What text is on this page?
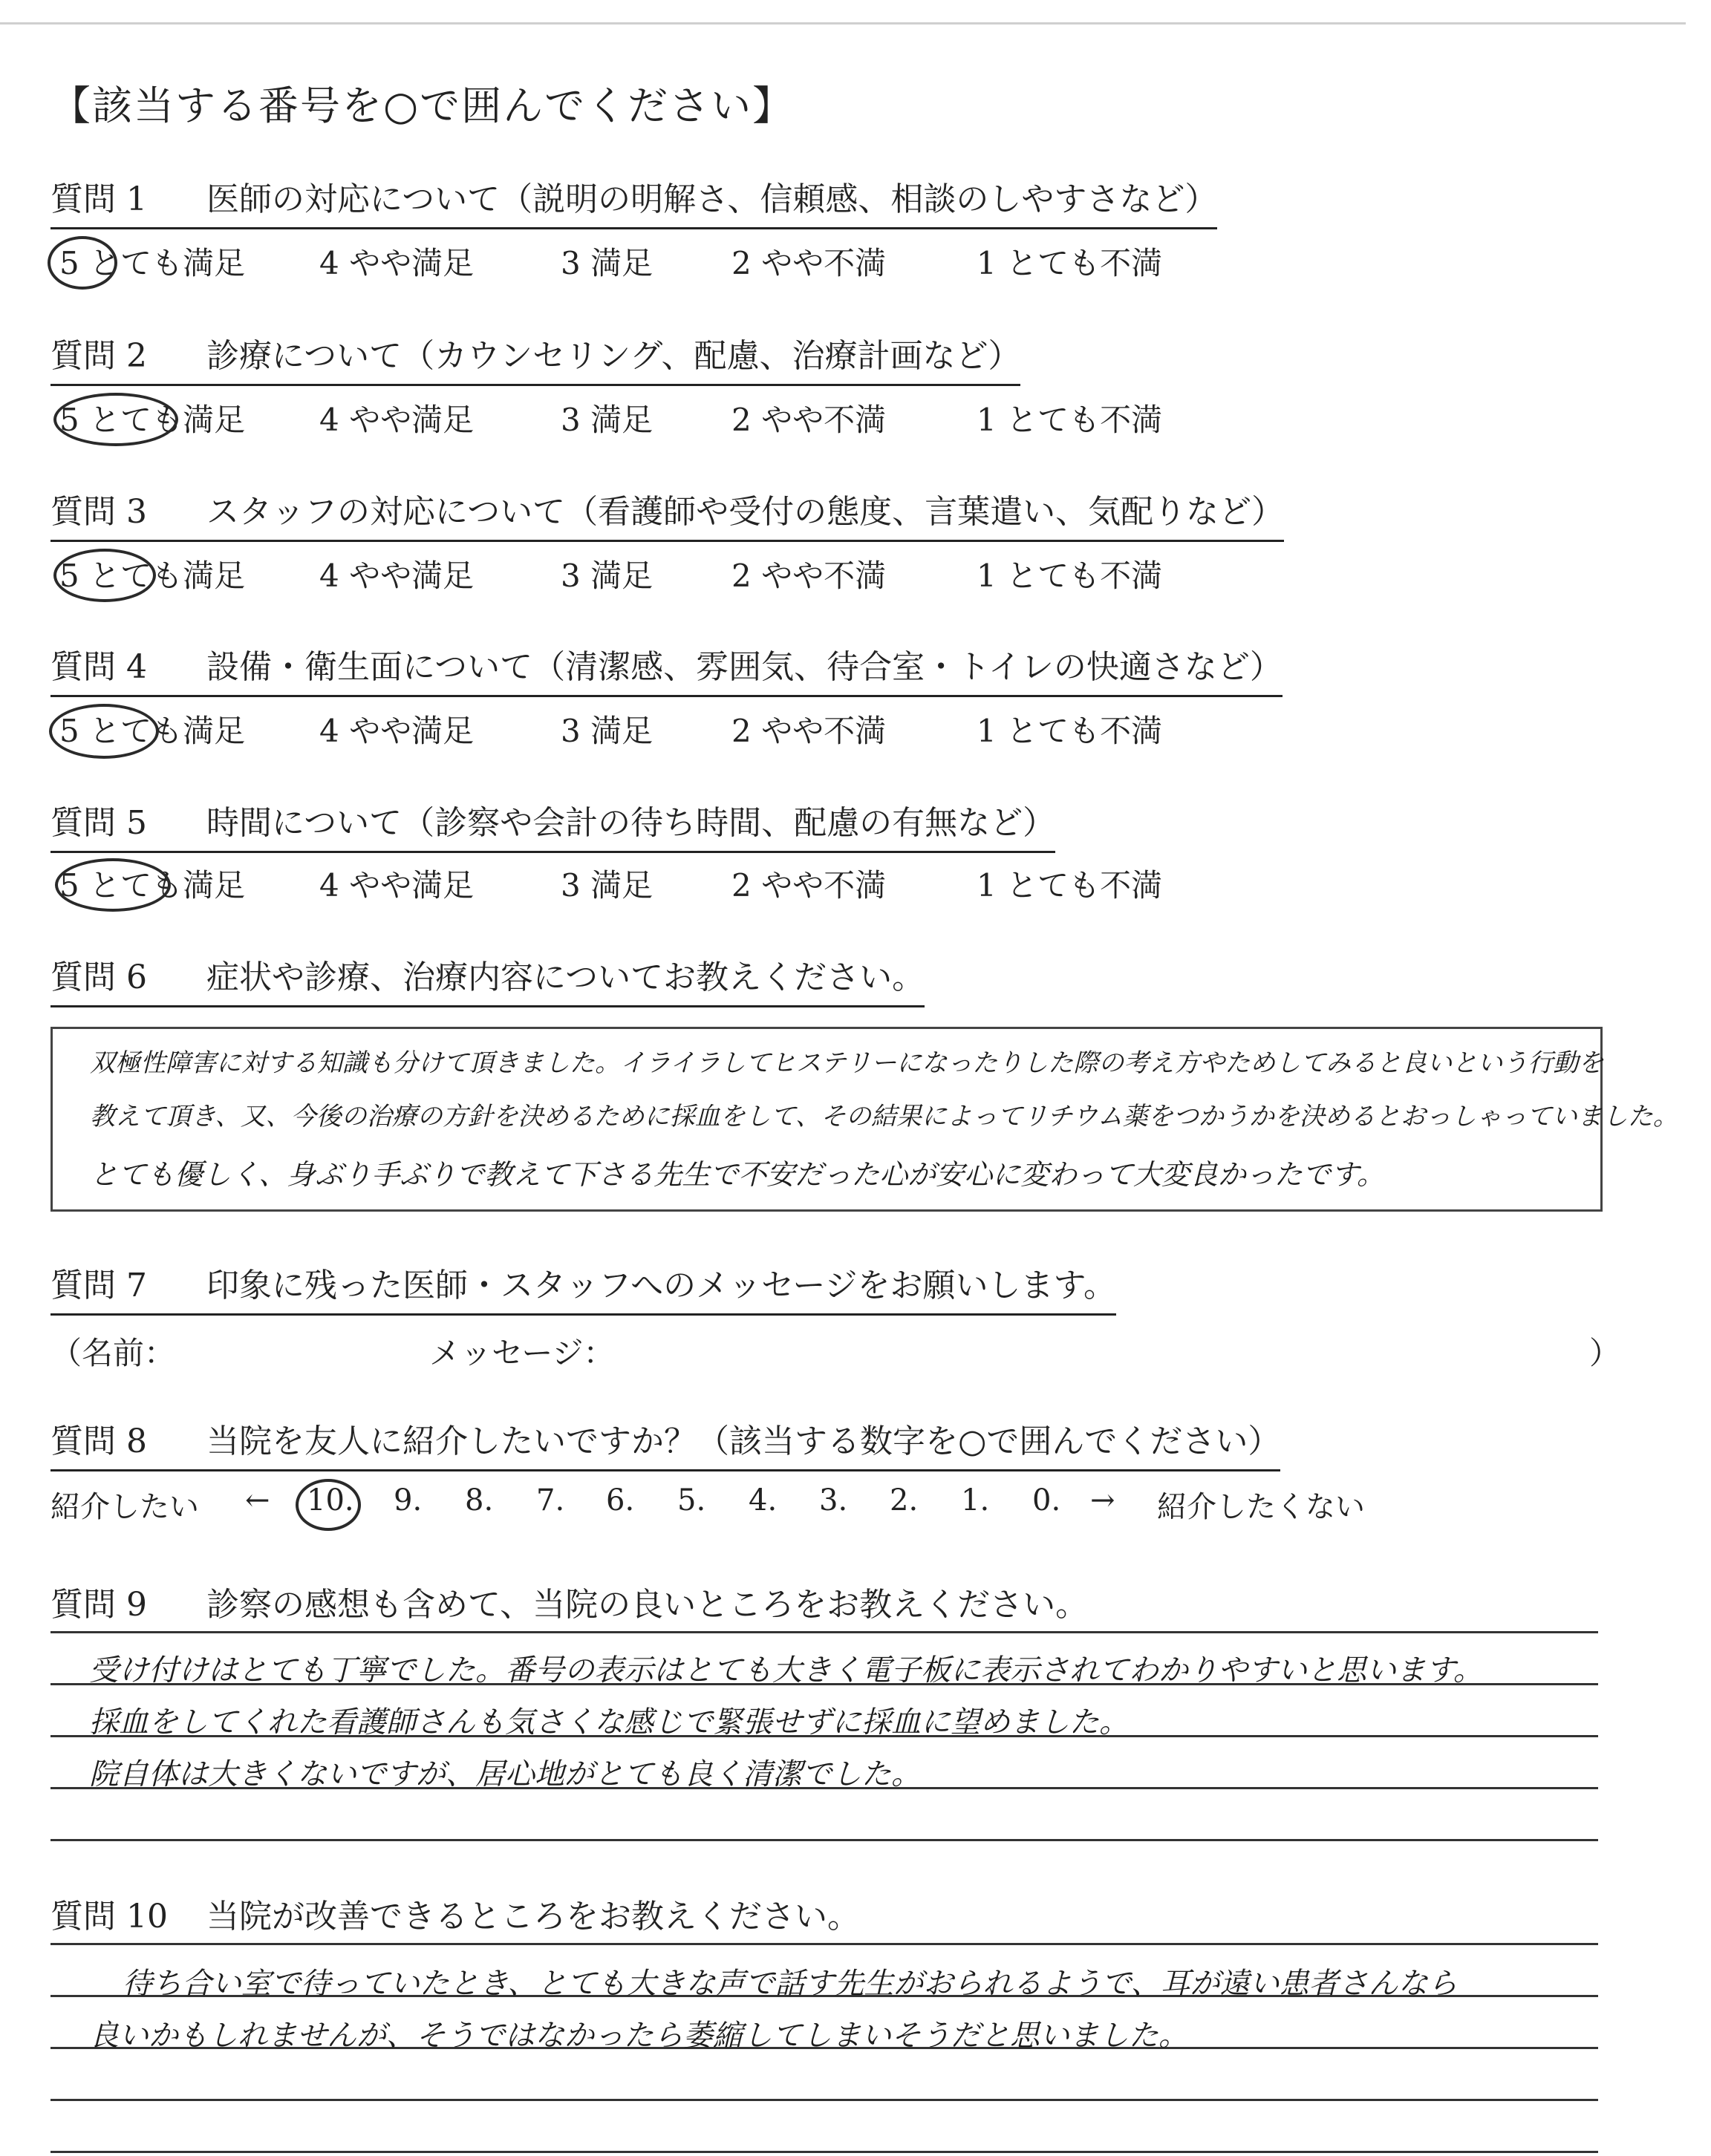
【該当する番号を○で囲んでください】
質問 1 医師の対応について（説明の明解さ、信頼感、相談のしやすさなど）
5 とても満足 4 やや満足	3 満足	2 やや不満	1 とても不満
質問 2 診療について（カウンセリング、配慮、治療計画など）
5 とても満足 4 やや満足	3 満足	2 やや不満	1 とても不満
質問 3 スタッフの対応について（看護師や受付の態度、言葉遣い、気配りなど）
5 とても満足 4 やや満足	3 満足	2 やや不満	1 とても不満
質問 4 設備・衛生面について（清潔感、雰囲気、待合室・トイレの快適さなど）
5 とても満足 4 やや満足	3 満足	2 やや不満	1 とても不満
質問 5 時間について（診察や会計の待ち時間、配慮の有無など）
5 とても満足 4 やや満足	3 満足	2 やや不満	1 とても不満
質問 6 症状や診療、治療内容についてお教えください。
双極性障害に対する知識も分けて頂きました。イライラしてヒステリーになったりした際の考え方やためしてみると良いという行動を
教えて頂き、又、今後の治療の方針を決めるために採血をして、その結果によってリチウム薬をつかうかを決めるとおっしゃっていました。
とても優しく、身ぶり手ぶりで教えて下さる先生で不安だった心が安心に変わって大変良かったです。
質問 7 印象に残った医師・スタッフへのメッセージをお願いします。
（名前：	メッセージ：	）
質問 8 当院を友人に紹介したいですか？（該当する数字を○で囲んでください）
紹介したい ← 10. 9. 8. 7. 6. 5. 4. 3. 2. 1. 0. → 紹介したくない
質問 9 診察の感想も含めて、当院の良いところをお教えください。
受け付けはとても丁寧でした。番号の表示はとても大きく電子板に表示されてわかりやすいと思います。
採血をしてくれた看護師さんも気さくな感じで緊張せずに採血に望めました。
院自体は大きくないですが、居心地がとても良く清潔でした。
質問 10 当院が改善できるところをお教えください。
待ち合い室で待っていたとき、とても大きな声で話す先生がおられるようで、耳が遠い患者さんなら
良いかもしれませんが、そうではなかったら萎縮してしまいそうだと思いました。
